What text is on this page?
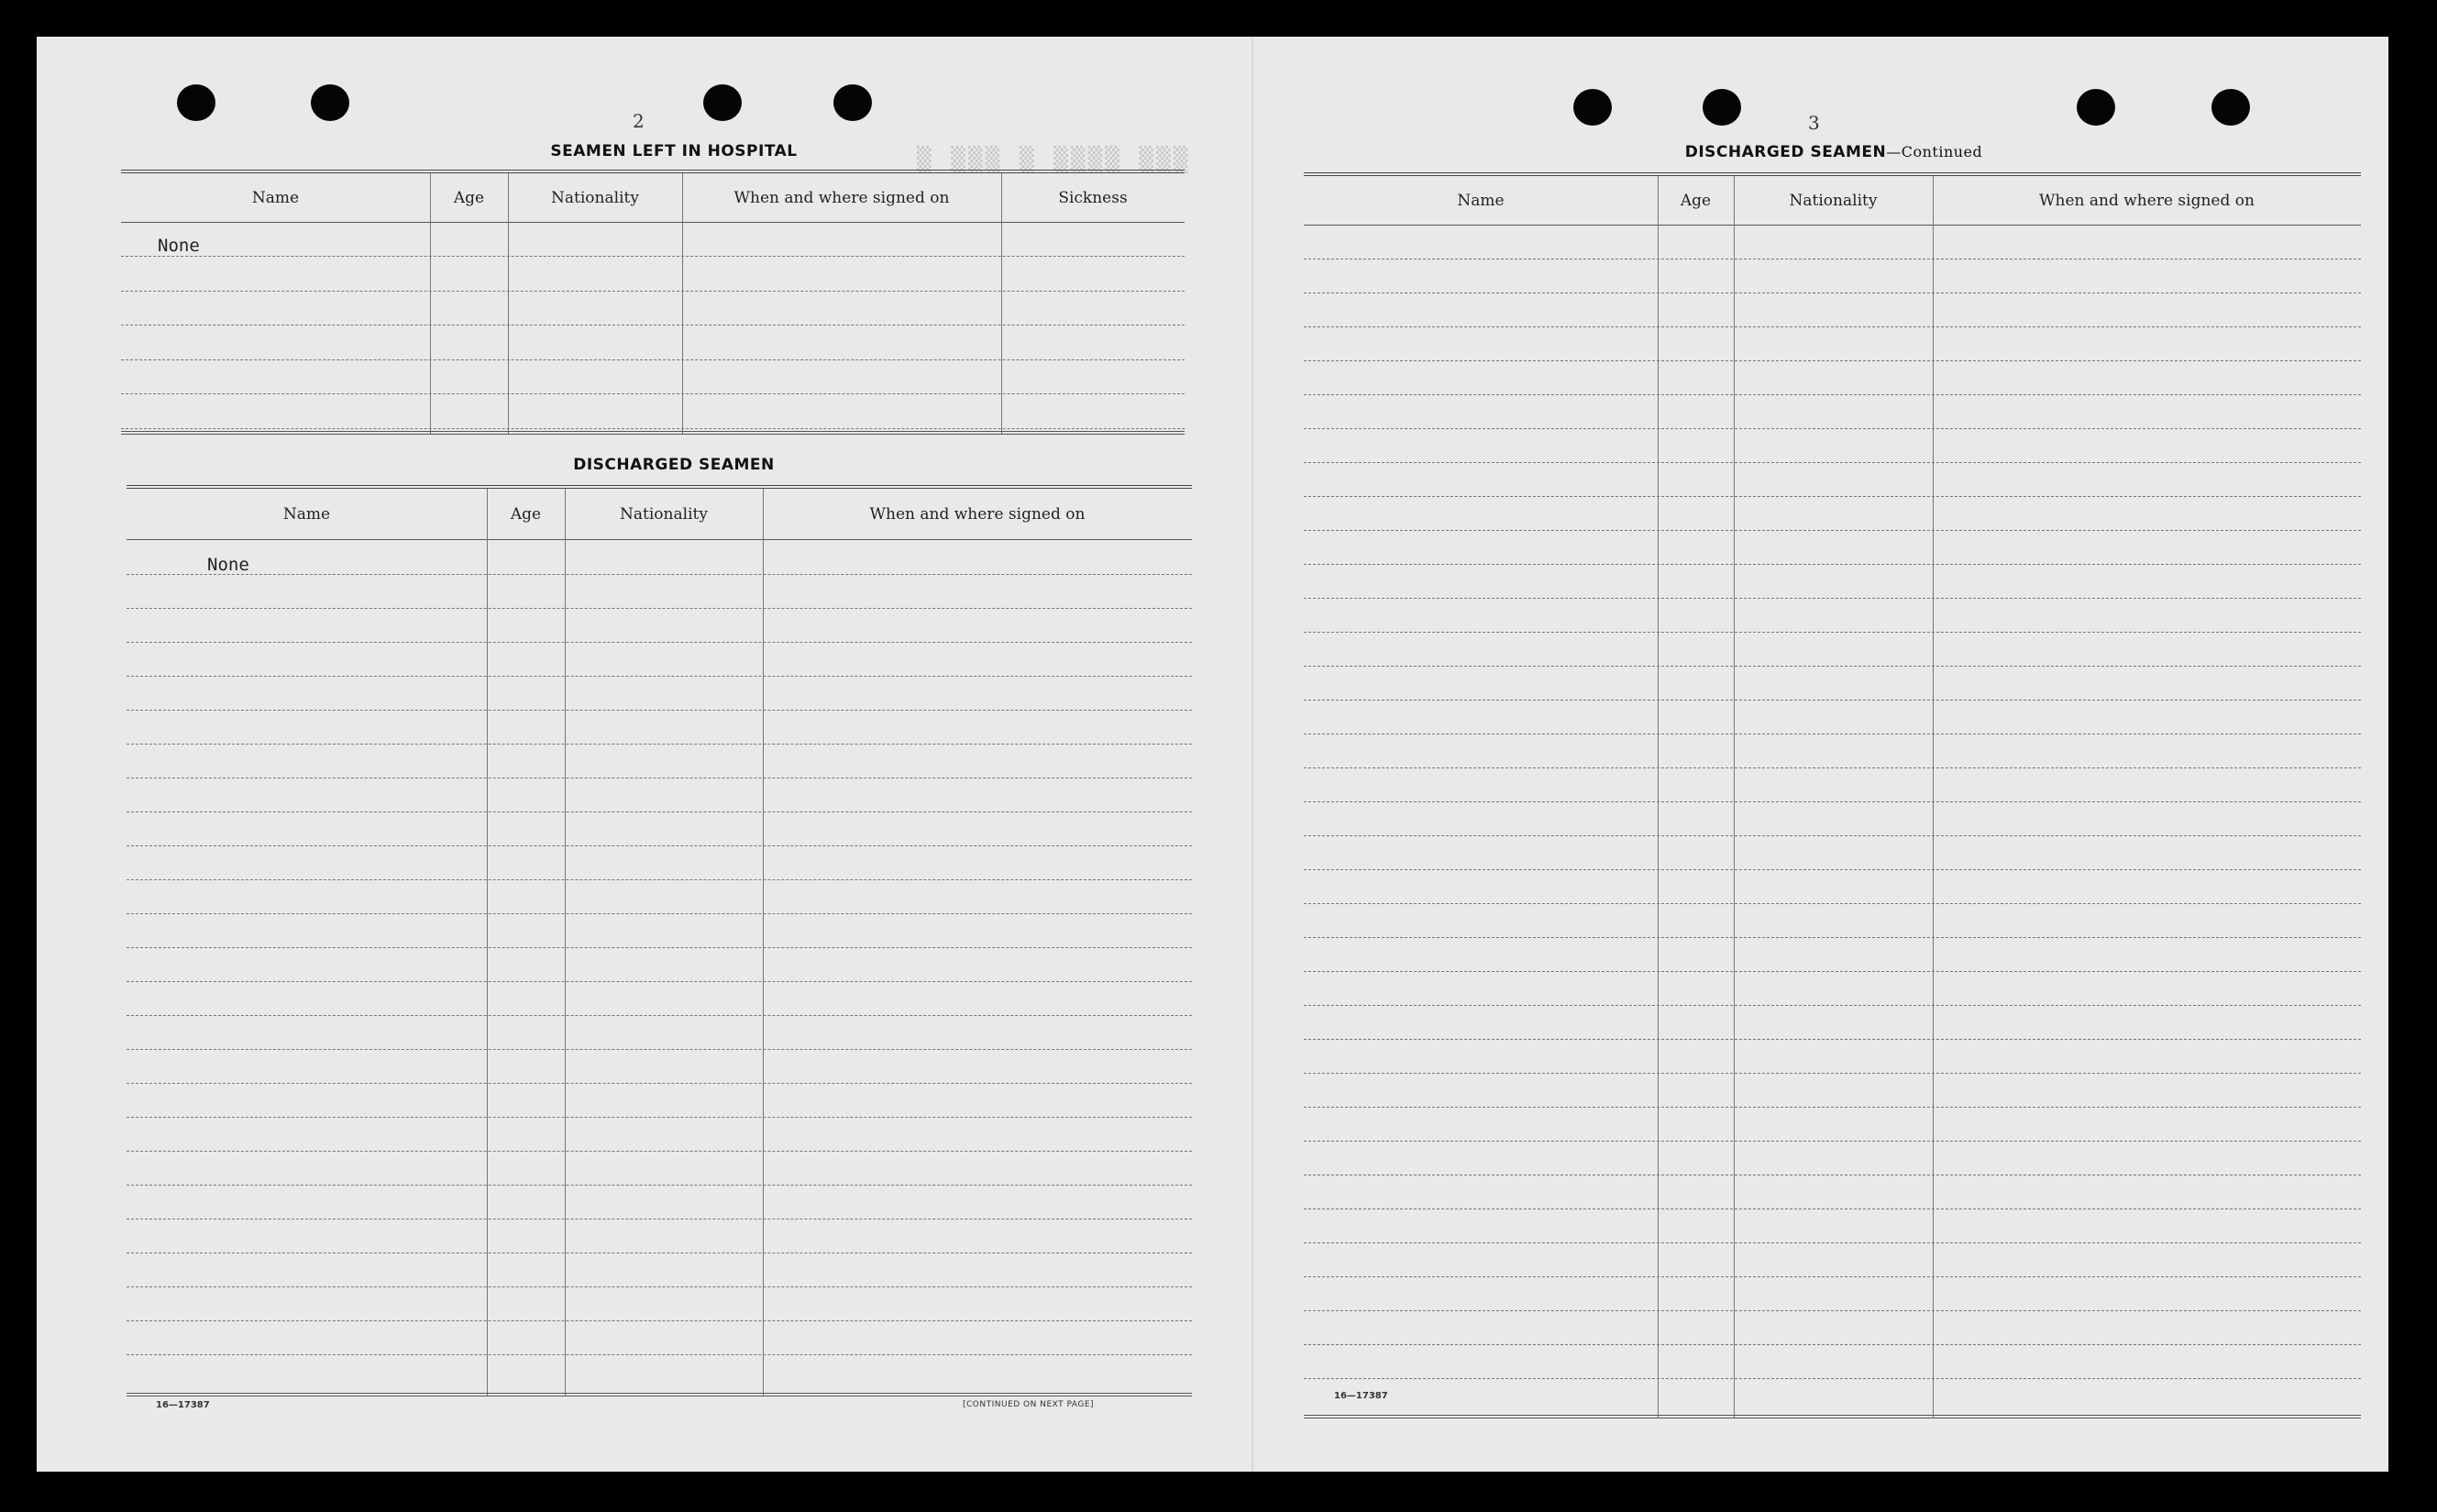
▒ ▒▒▒ ▒ ▒▒▒▒ ▒▒▒
2
SEAMEN LEFT IN HOSPITAL
Name	Age	Nationality	When and where signed on	Sickness
None
DISCHARGED SEAMEN
Name	Age	Nationality	When and where signed on
None
16—17387	[CONTINUED ON NEXT PAGE]
3
DISCHARGED SEAMEN—Continued
Name	Age	Nationality	When and where signed on
16—17387
